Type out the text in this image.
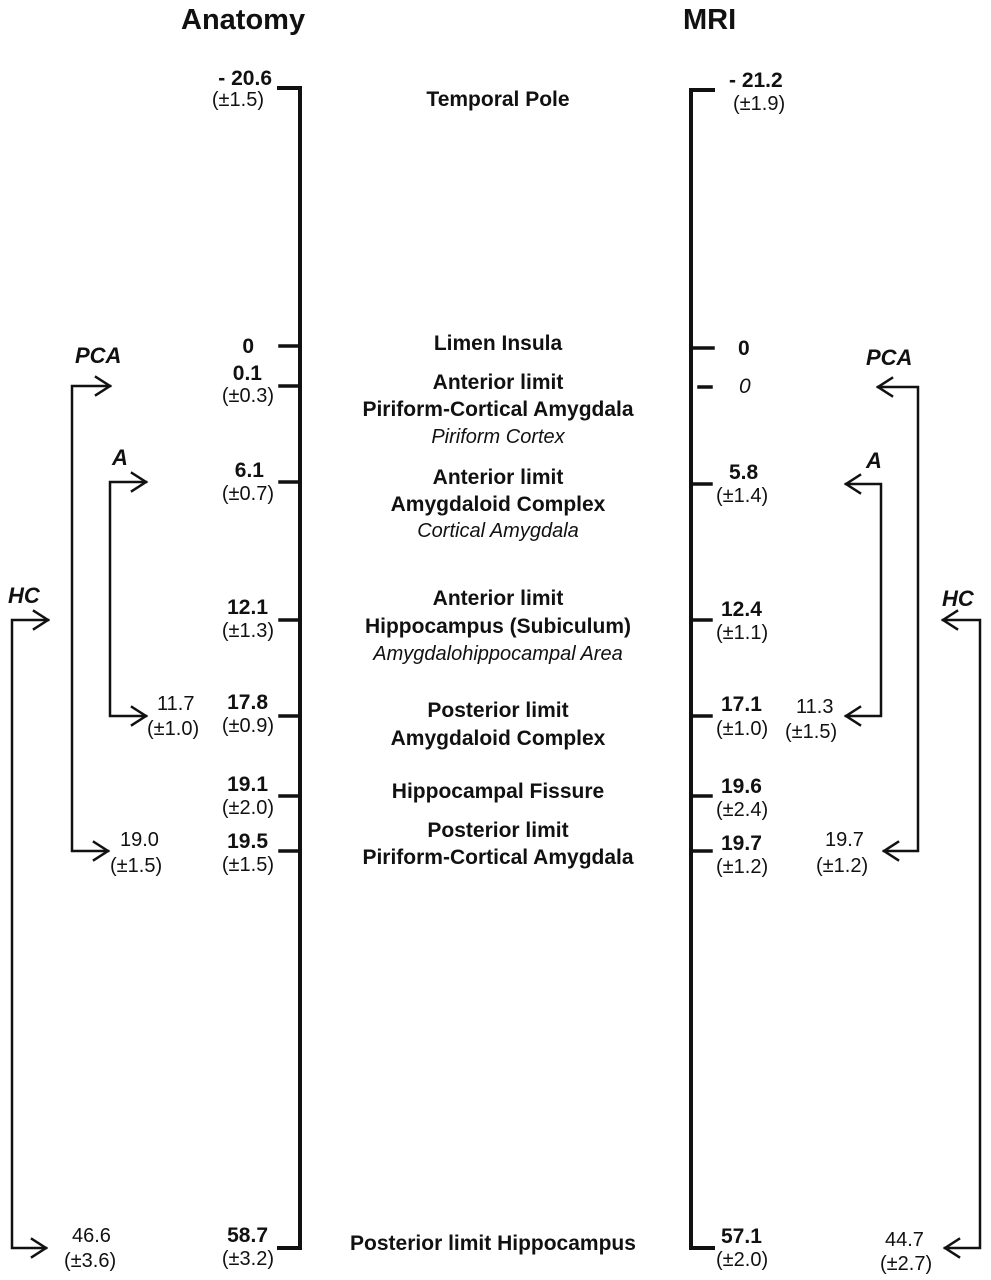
Anatomy	MRI
- 20.6
(±1.5)
0
0.1
(±0.3)
6.1
(±0.7)
12.1
(±1.3)
17.8
(±0.9)
19.1
(±2.0)
19.5
(±1.5)
58.7
(±3.2)
Temporal Pole
Limen Insula
Anterior limit
Piriform-Cortical Amygdala
Piriform Cortex
Anterior limit
Amygdaloid Complex
Cortical Amygdala
Anterior limit
Hippocampus (Subiculum)
Amygdalohippocampal Area
Posterior limit
Amygdaloid Complex
Hippocampal Fissure
Posterior limit
Piriform-Cortical Amygdala
Posterior limit Hippocampus
- 21.2
(±1.9)
0
0
5.8
(±1.4)
12.4
(±1.1)
17.1
(±1.0)
19.6
(±2.4)
19.7
(±1.2)
57.1
(±2.0)
PCA
19.0
(±1.5)
A
11.7
(±1.0)
HC
46.6
(±3.6)
PCA
19.7
(±1.2)
A
11.3
(±1.5)
HC
44.7
(±2.7)
